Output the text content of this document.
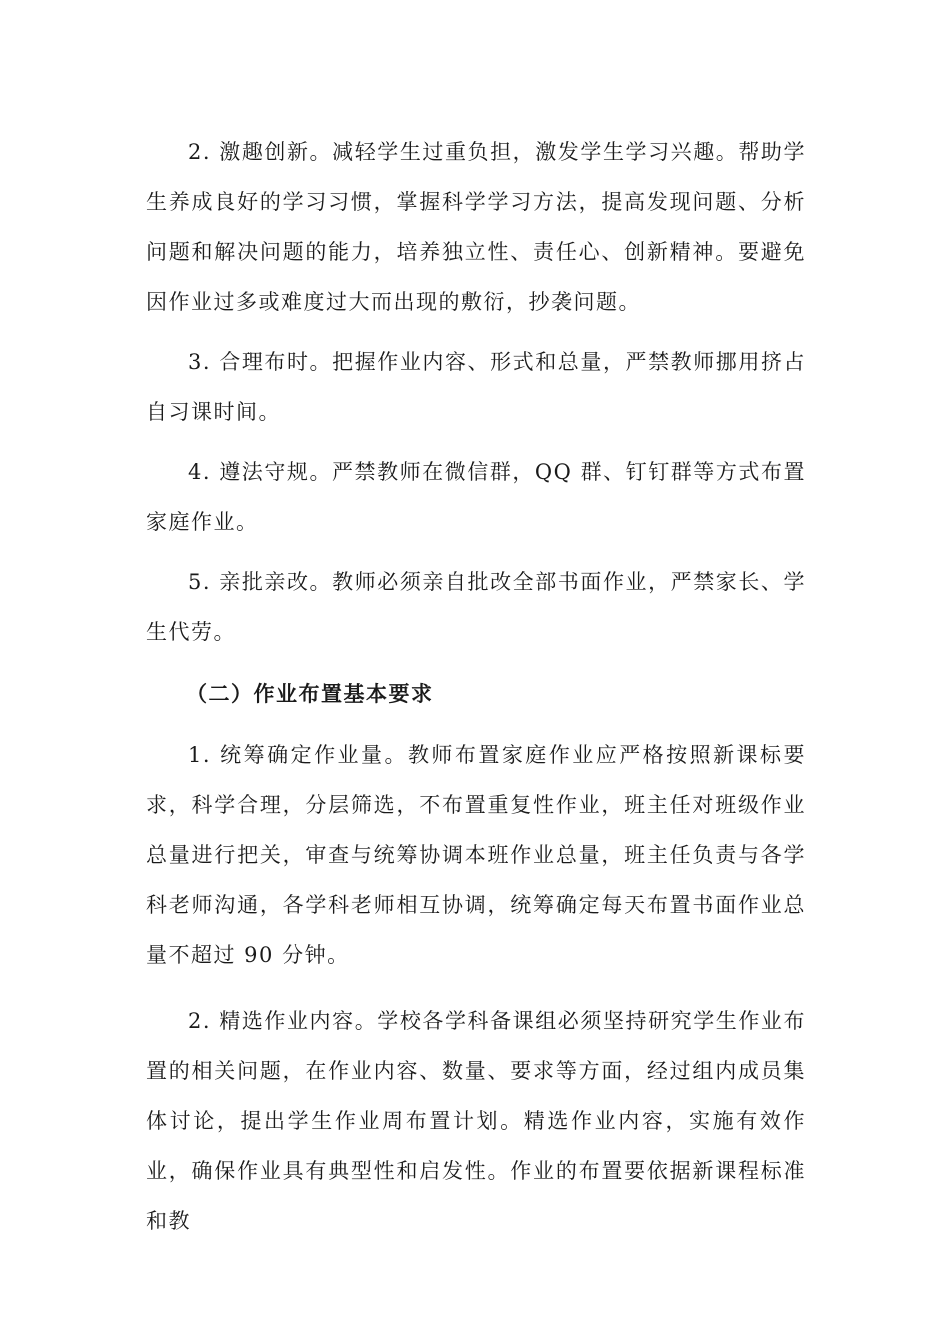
2. 激趣创新。减轻学生过重负担，激发学生学习兴趣。帮助学生养成良好的学习习惯，掌握科学学习方法，提高发现问题、分析问题和解决问题的能力，培养独立性、责任心、创新精神。要避免因作业过多或难度过大而出现的敷衍，抄袭问题。

3. 合理布时。把握作业内容、形式和总量，严禁教师挪用挤占自习课时间。

4. 遵法守规。严禁教师在微信群，QQ 群、钉钉群等方式布置家庭作业。

5. 亲批亲改。教师必须亲自批改全部书面作业，严禁家长、学生代劳。

（二）作业布置基本要求

1. 统筹确定作业量。教师布置家庭作业应严格按照新课标要求，科学合理，分层筛选，不布置重复性作业，班主任对班级作业总量进行把关，审查与统筹协调本班作业总量，班主任负责与各学科老师沟通，各学科老师相互协调，统筹确定每天布置书面作业总量不超过 90 分钟。

2. 精选作业内容。学校各学科备课组必须坚持研究学生作业布置的相关问题，在作业内容、数量、要求等方面，经过组内成员集体讨论，提出学生作业周布置计划。精选作业内容，实施有效作业，确保作业具有典型性和启发性。作业的布置要依据新课程标准和教
